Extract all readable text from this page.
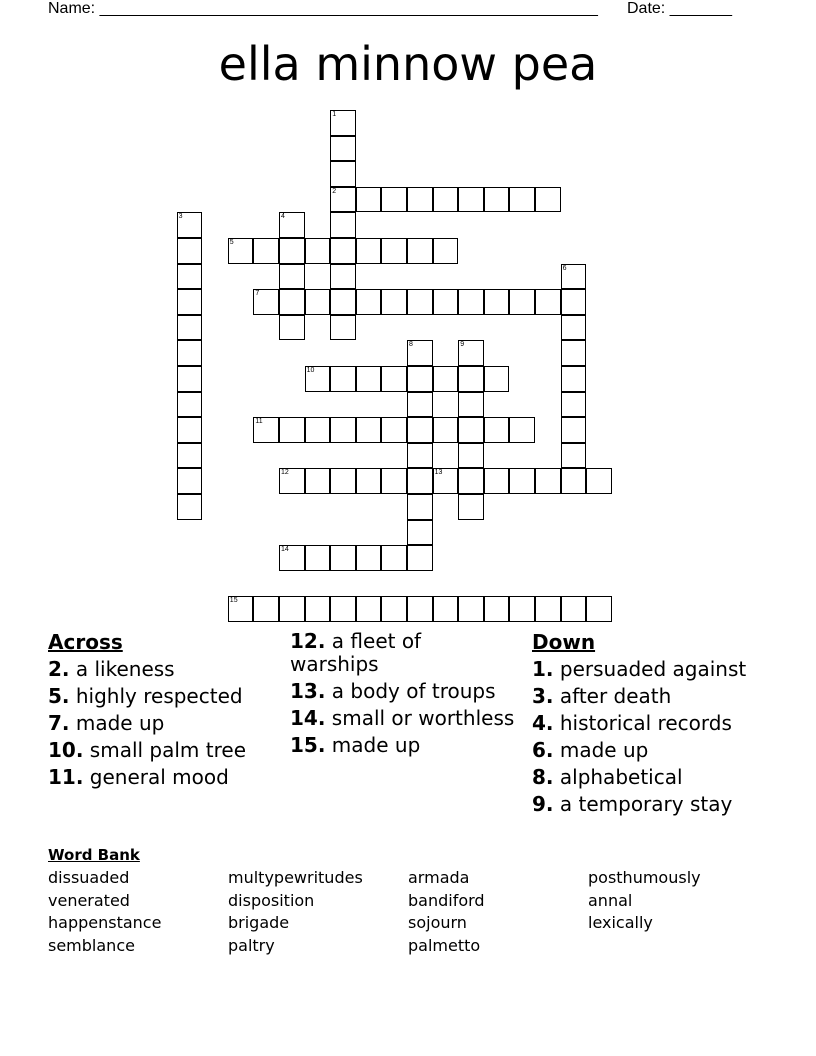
Name: ________________________________________________________ Date: _______
ella minnow pea
1
2
3	4
5
6
7
8	9
10
11
12	13
14
15
Across
2. a likeness
5. highly respected
7. made up
10. small palm tree
11. general mood
12. a fleet of warships
13. a body of troups
14. small or worthless
15. made up
Down
1. persuaded against
3. after death
4. historical records
6. made up
8. alphabetical
9. a temporary stay
Word Bank
dissuaded
venerated
happenstance
semblance
multypewritudes
disposition
brigade
paltry
armada
bandiford
sojourn
palmetto
posthumously
annal
lexically
